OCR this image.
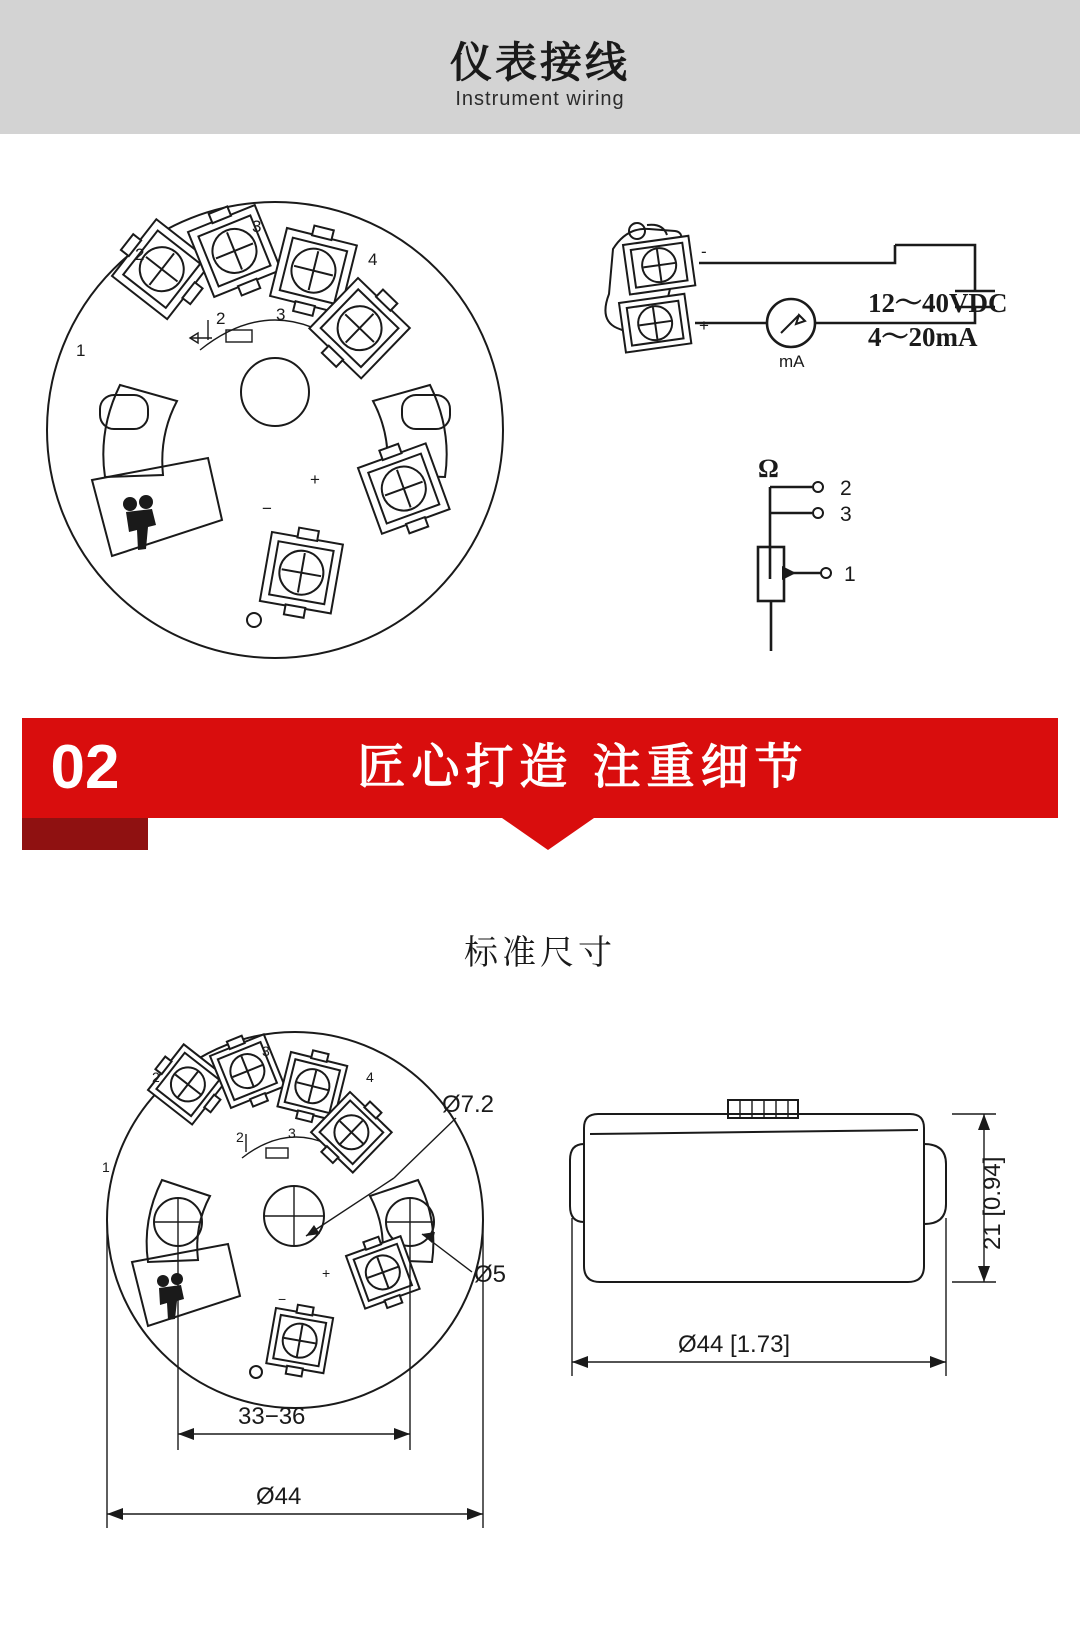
仪表接线
Instrument wiring
1
2
3
4
2	3
+
−
mA
-
+
12～40VDC
4～20mA
Ω
2
3
1
02	匠心打造 注重细节
标准尺寸
1
2
3
4
2	3
+
−
Ø7.2
Ø5
33−36
Ø44
21 [0.94]
Ø44 [1.73]
